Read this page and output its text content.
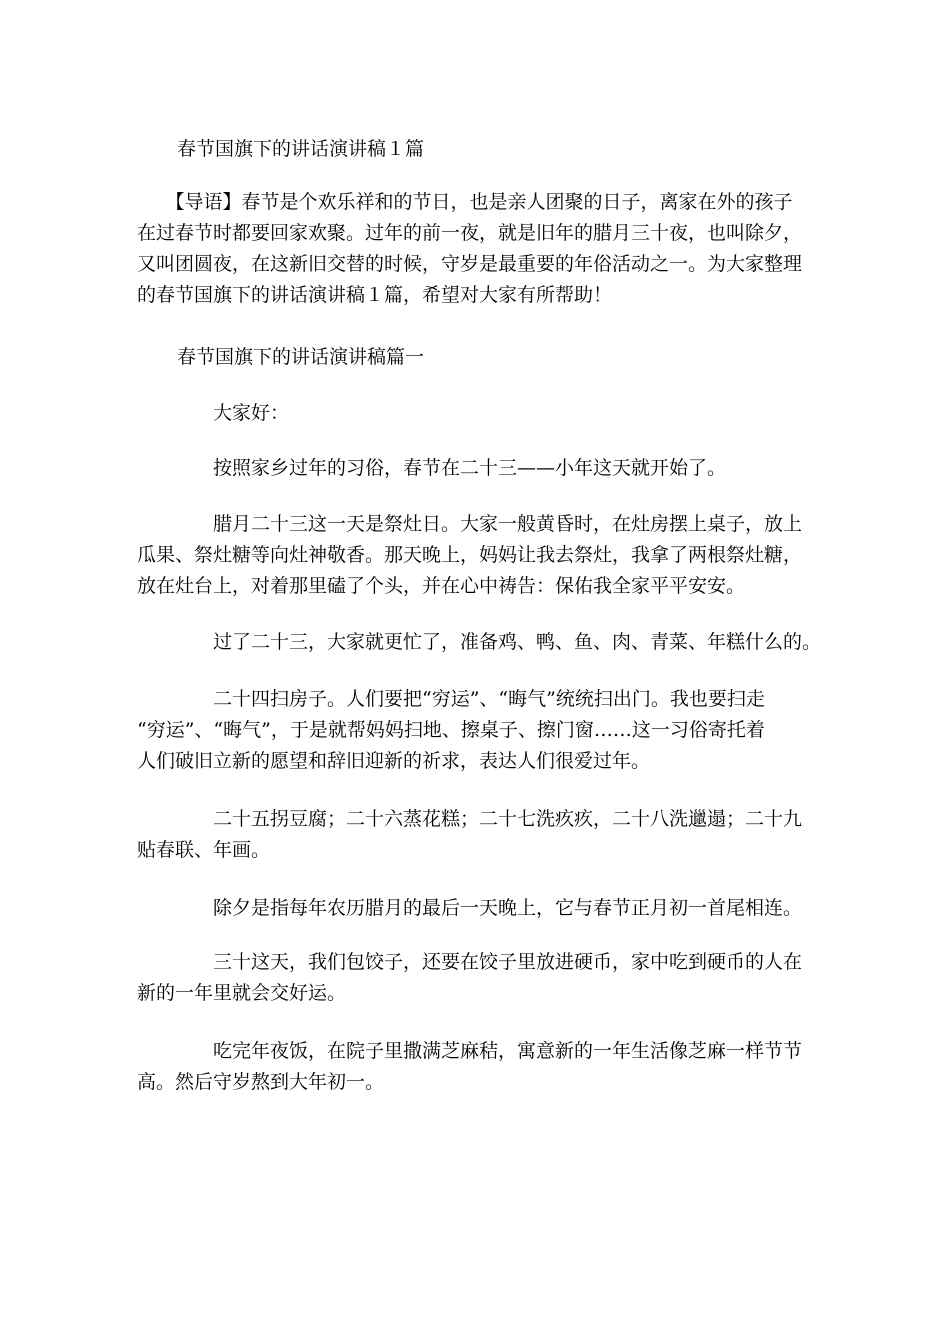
春节国旗下的讲话演讲稿１篇
　　【导语】春节是个欢乐祥和的节日，也是亲人团聚的日子，离家在外的孩子
在过春节时都要回家欢聚。过年的前一夜，就是旧年的腊月三十夜，也叫除夕，
又叫团圆夜，在这新旧交替的时候，守岁是最重要的年俗活动之一。为大家整理
的春节国旗下的讲话演讲稿１篇，希望对大家有所帮助！
春节国旗下的讲话演讲稿篇一
　　　　大家好：
　　　　按照家乡过年的习俗，春节在二十三——小年这天就开始了。
　　　　腊月二十三这一天是祭灶日。大家一般黄昏时，在灶房摆上桌子，放上
瓜果、祭灶糖等向灶神敬香。那天晚上，妈妈让我去祭灶，我拿了两根祭灶糖，
放在灶台上，对着那里磕了个头，并在心中祷告：保佑我全家平平安安。
　　　　过了二十三，大家就更忙了，准备鸡、鸭、鱼、肉、青菜、年糕什么的。
　　　　二十四扫房子。人们要把“穷运”、“晦气”统统扫出门。我也要扫走
“穷运”、“晦气”，于是就帮妈妈扫地、擦桌子、擦门窗……这一习俗寄托着
人们破旧立新的愿望和辞旧迎新的祈求，表达人们很爱过年。
　　　　二十五拐豆腐；二十六蒸花糕；二十七洗疚疚，二十八洗邋遢；二十九
贴春联、年画。
　　　　除夕是指每年农历腊月的最后一天晚上，它与春节正月初一首尾相连。
　　　　三十这天，我们包饺子，还要在饺子里放进硬币，家中吃到硬币的人在
新的一年里就会交好运。
　　　　吃完年夜饭，在院子里撒满芝麻秸，寓意新的一年生活像芝麻一样节节
高。然后守岁熬到大年初一。
